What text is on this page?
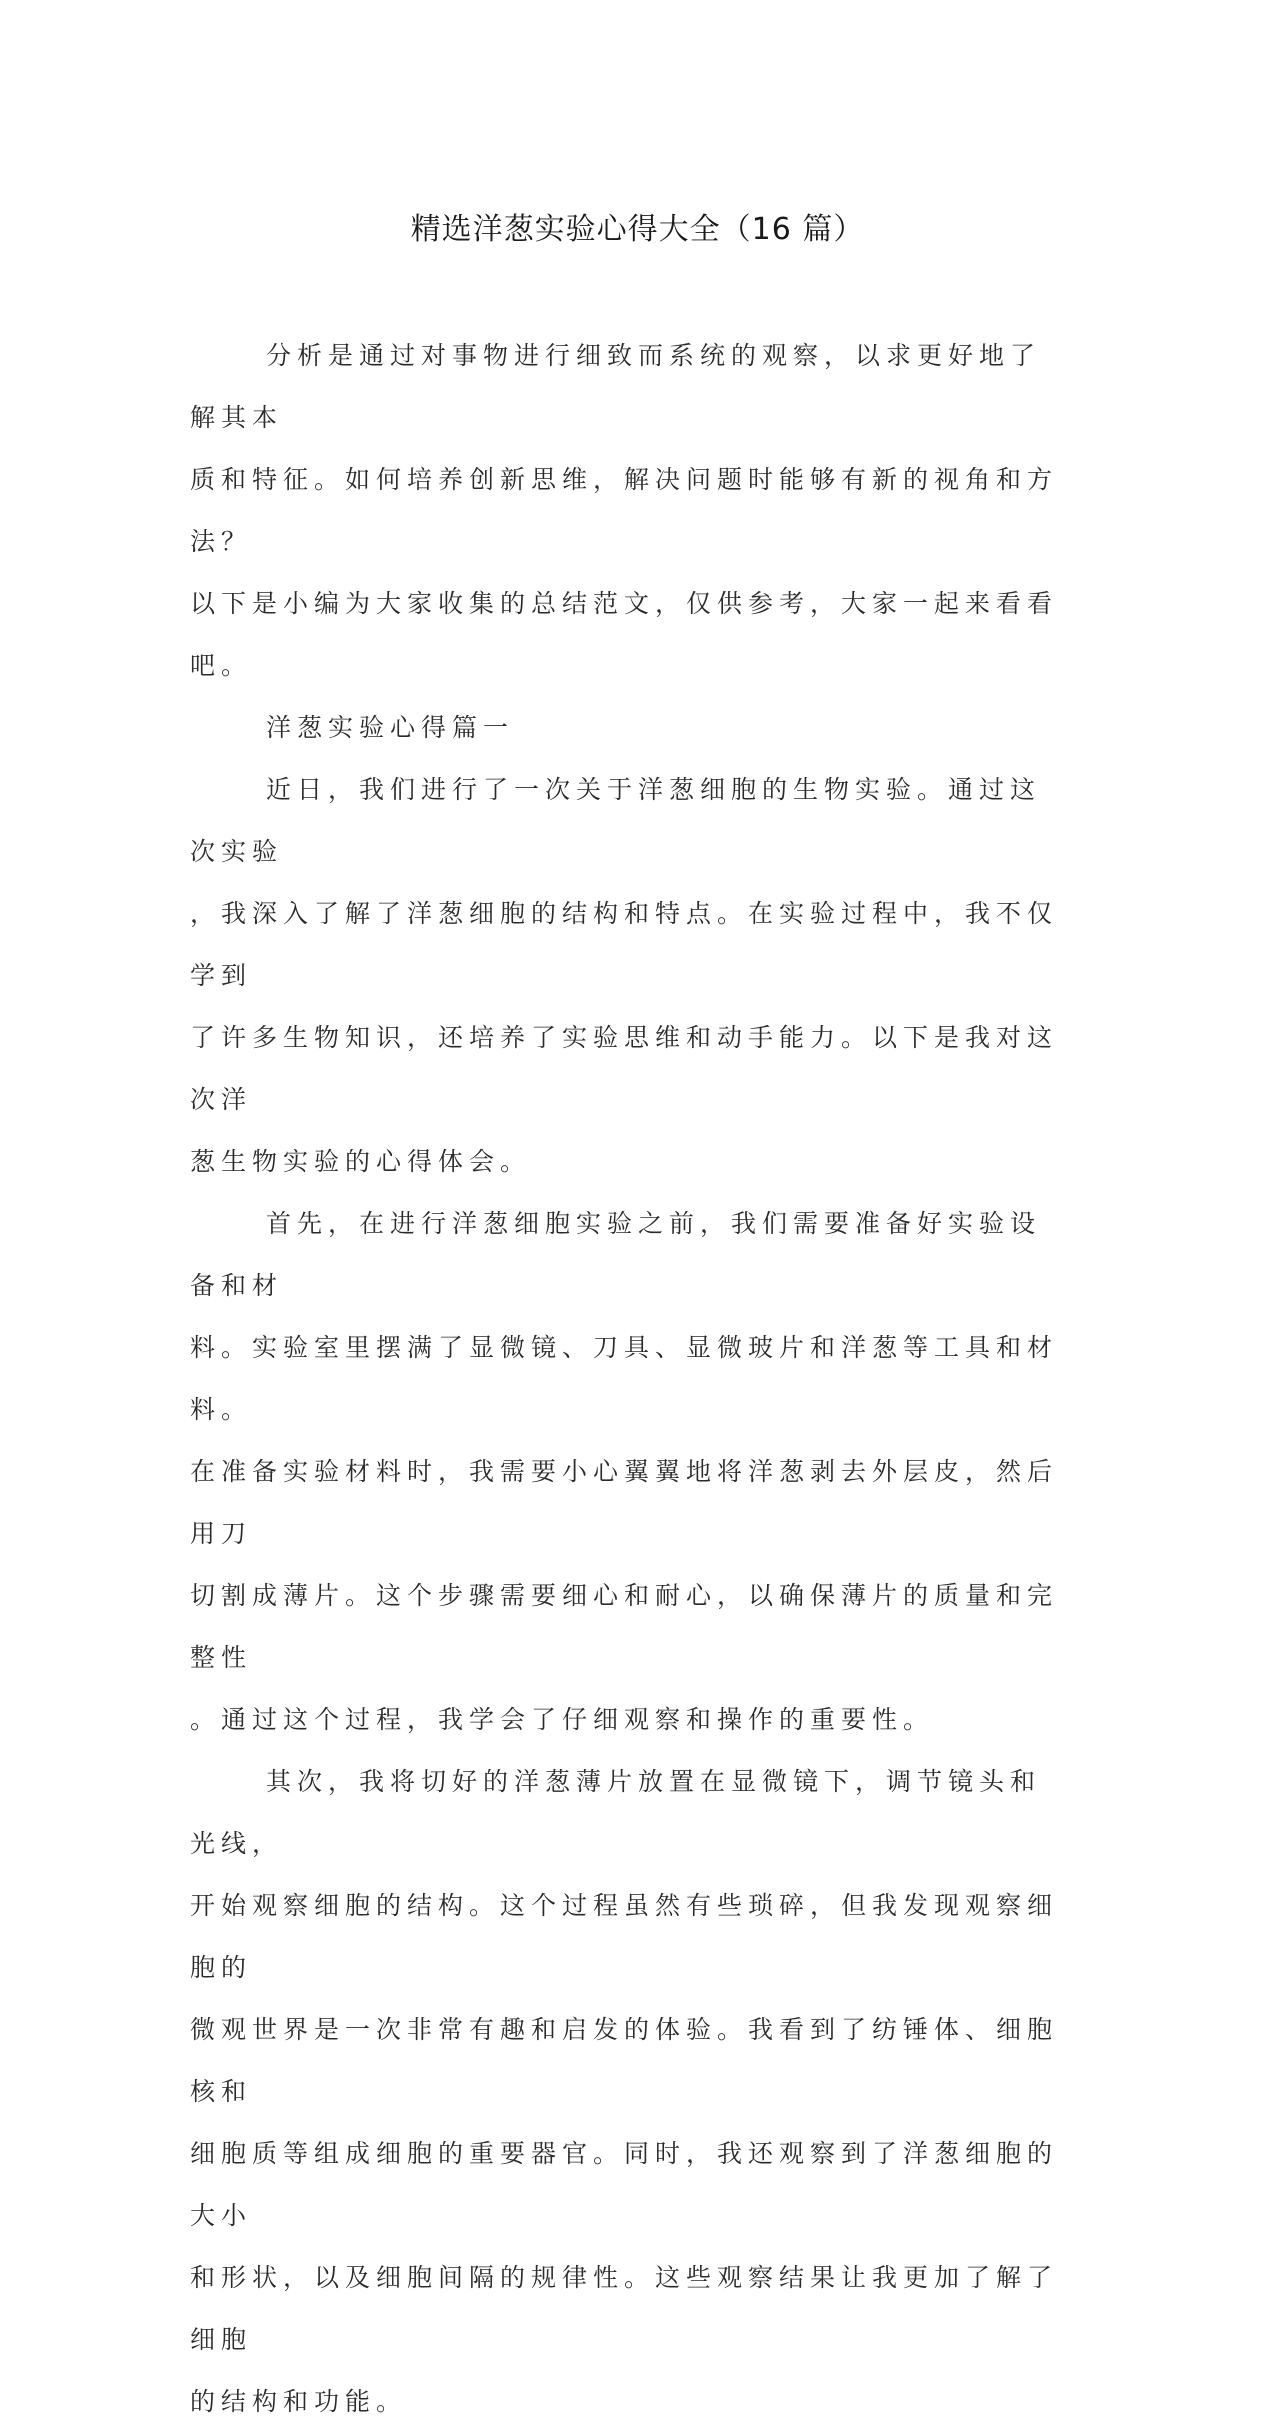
精选洋葱实验心得大全（16 篇）

分析是通过对事物进行细致而系统的观察，以求更好地了解其本

质和特征。如何培养创新思维，解决问题时能够有新的视角和方法？

以下是小编为大家收集的总结范文，仅供参考，大家一起来看看吧。

洋葱实验心得篇一

近日，我们进行了一次关于洋葱细胞的生物实验。通过这次实验

，我深入了解了洋葱细胞的结构和特点。在实验过程中，我不仅学到

了许多生物知识，还培养了实验思维和动手能力。以下是我对这次洋

葱生物实验的心得体会。

首先，在进行洋葱细胞实验之前，我们需要准备好实验设备和材

料。实验室里摆满了显微镜、刀具、显微玻片和洋葱等工具和材料。

在准备实验材料时，我需要小心翼翼地将洋葱剥去外层皮，然后用刀

切割成薄片。这个步骤需要细心和耐心，以确保薄片的质量和完整性

。通过这个过程，我学会了仔细观察和操作的重要性。

其次，我将切好的洋葱薄片放置在显微镜下，调节镜头和光线，

开始观察细胞的结构。这个过程虽然有些琐碎，但我发现观察细胞的

微观世界是一次非常有趣和启发的体验。我看到了纺锤体、细胞核和

细胞质等组成细胞的重要器官。同时，我还观察到了洋葱细胞的大小

和形状，以及细胞间隔的规律性。这些观察结果让我更加了解了细胞

的结构和功能。
